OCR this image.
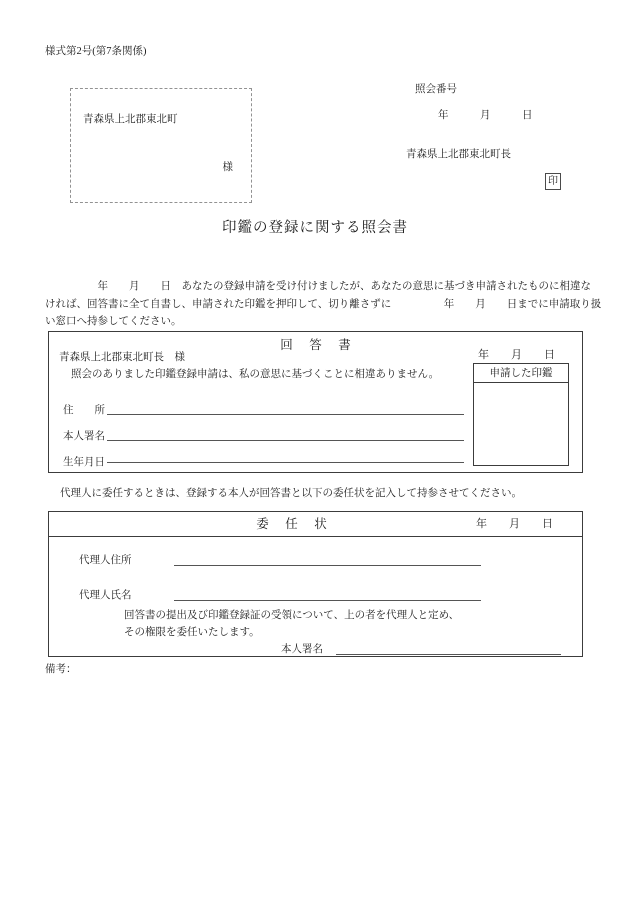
様式第2号(第7条関係)
青森県上北郡東北町
様
照会番号
年　　　月　　　日
青森県上北郡東北町長
印
印鑑の登録に関する照会書
　　　　　年　　月　　日　あなたの登録申請を受け付けましたが、あなたの意思に基づき申請されたものに相違な
ければ、回答書に全て自書し、申請された印鑑を押印して、切り離さずに　　　　　年　　月　　日までに申請取り扱
い窓口へ持参してください。
回　答　書
青森県上北郡東北町長　様
照会のありました印鑑登録申請は、私の意思に基づくことに相違ありません。
年　　月　　日
申請した印鑑
住　　所
本人署名
生年月日
代理人に委任するときは、登録する本人が回答書と以下の委任状を記入して持参させてください。
委　任　状	年　　月　　日
代理人住所
代理人氏名
回答書の提出及び印鑑登録証の受領について、上の者を代理人と定め、
その権限を委任いたします。
本人署名
備考：
